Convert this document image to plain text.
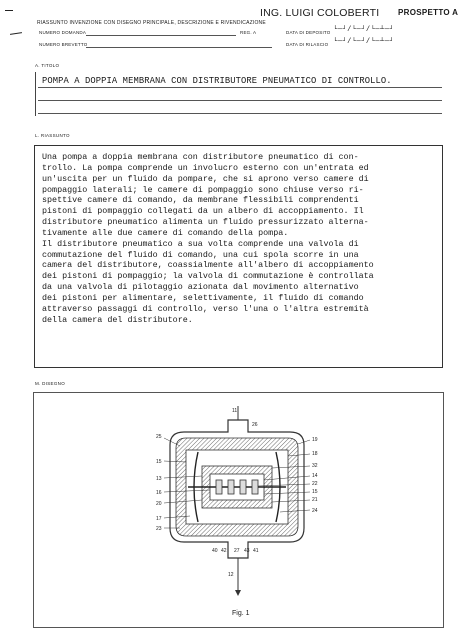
ING. LUIGI COLOBERTI PROSPETTO A
RIASSUNTO INVENZIONE CON DISEGNO PRINCIPALE, DESCRIZIONE E RIVENDICAZIONE
NUMERO DOMANDA	REG. A	DATA DI DEPOSITO └─┘/└─┘/└─┴─┘
NUMERO BREVETTO	DATA DI RILASCIO └─┘/└─┘/└─┴─┘
A. TITOLO
POMPA A DOPPIA MEMBRANA CON DISTRIBUTORE PNEUMATICO DI CONTROLLO.
L. RIASSUNTO
Una pompa a doppia membrana con distributore pneumatico di con-
trollo. La pompa comprende un involucro esterno con un'entrata ed
un'uscita per un fluido da pompare, che si aprono verso camere di
pompaggio laterali; le camere di pompaggio sono chiuse verso ri-
spettive camere di comando, da membrane flessibili comprendenti
pistoni di pompaggio collegati da un albero di accoppiamento. Il
distributore pneumatico alimenta un fluido pressurizzato alterna-
tivamente alle due camere di comando della pompa.
Il distributore pneumatico a sua volta comprende una valvola di
commutazione del fluido di comando, una cui spola scorre in una
camera del distributore, coassialmente all'albero di accoppiamento
dei pistoni di pompaggio; la valvola di commutazione è controllata
da una valvola di pilotaggio azionata dal movimento alternativo
dei pistoni per alimentare, selettivamente, il fluido di comando
attraverso passaggi di controllo, verso l'una o l'altra estremità
della camera del distributore.
M. DISEGNO
11
26
25	19
18
32
15
14
13
22
16	15
20
21
17
24
23
40 42 27 43 41
12
Fig. 1
